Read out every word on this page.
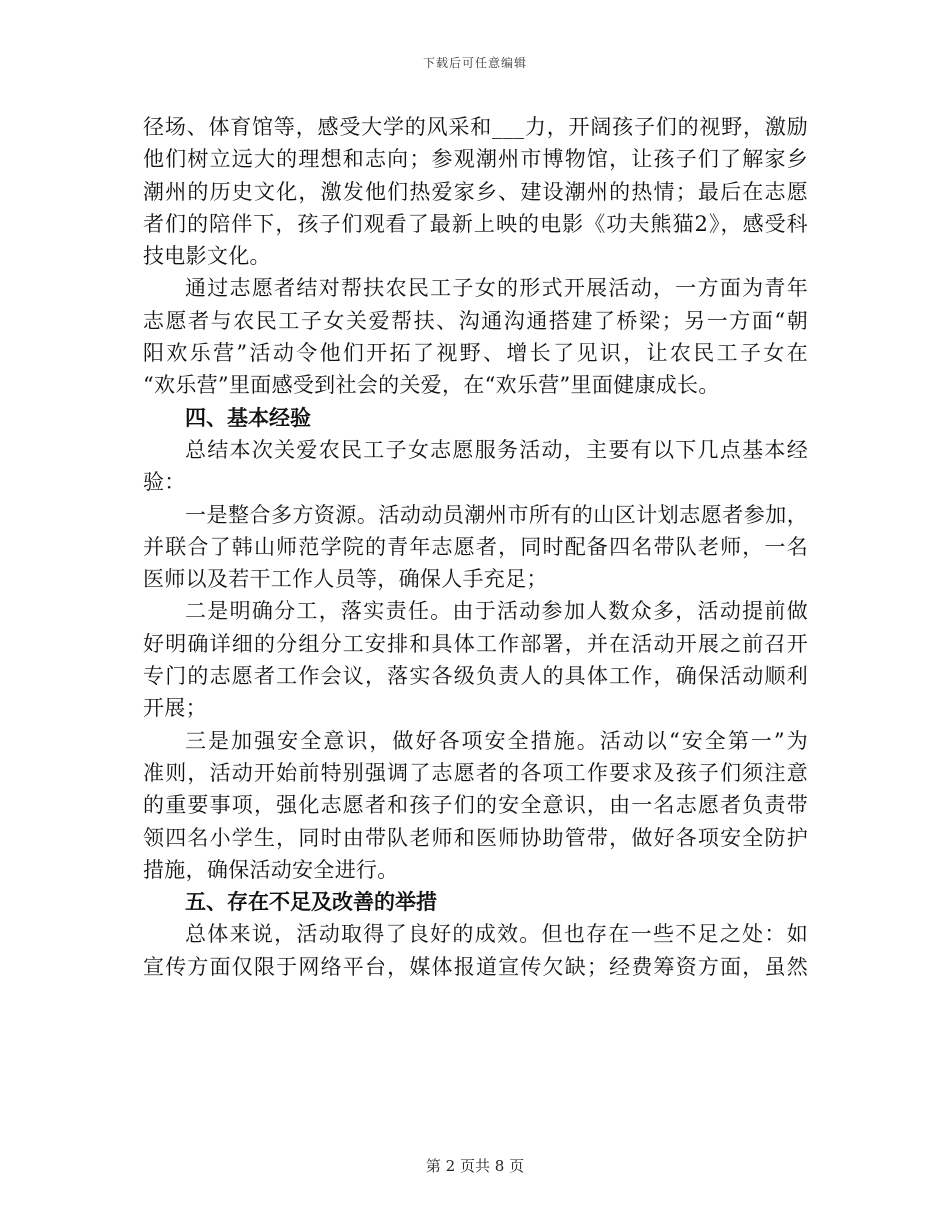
下载后可任意编辑
径场、体育馆等，感受大学的风采和___力，开阔孩子们的视野，激励
他们树立远大的理想和志向；参观潮州市博物馆，让孩子们了解家乡
潮州的历史文化，激发他们热爱家乡、建设潮州的热情；最后在志愿
者们的陪伴下，孩子们观看了最新上映的电影《功夫熊猫2》，感受科
技电影文化。
通过志愿者结对帮扶农民工子女的形式开展活动，一方面为青年
志愿者与农民工子女关爱帮扶、沟通沟通搭建了桥梁；另一方面“朝
阳欢乐营”活动令他们开拓了视野、增长了见识，让农民工子女在
“欢乐营”里面感受到社会的关爱，在“欢乐营”里面健康成长。
四、基本经验
总结本次关爱农民工子女志愿服务活动，主要有以下几点基本经
验：
一是整合多方资源。活动动员潮州市所有的山区计划志愿者参加，
并联合了韩山师范学院的青年志愿者，同时配备四名带队老师，一名
医师以及若干工作人员等，确保人手充足；
二是明确分工，落实责任。由于活动参加人数众多，活动提前做
好明确详细的分组分工安排和具体工作部署，并在活动开展之前召开
专门的志愿者工作会议，落实各级负责人的具体工作，确保活动顺利
开展；
三是加强安全意识，做好各项安全措施。活动以“安全第一”为
准则，活动开始前特别强调了志愿者的各项工作要求及孩子们须注意
的重要事项，强化志愿者和孩子们的安全意识，由一名志愿者负责带
领四名小学生，同时由带队老师和医师协助管带，做好各项安全防护
措施，确保活动安全进行。
五、存在不足及改善的举措
总体来说，活动取得了良好的成效。但也存在一些不足之处：如
宣传方面仅限于网络平台，媒体报道宣传欠缺；经费筹资方面，虽然
第 2 页共 8 页
